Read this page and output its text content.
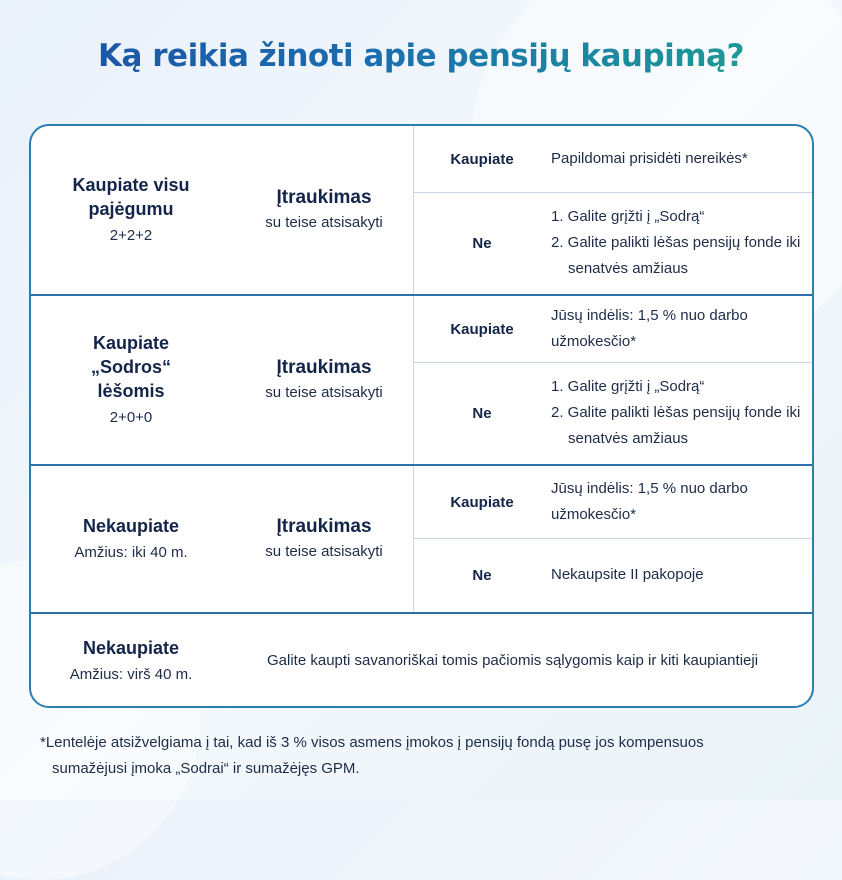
Ką reikia žinoti apie pensijų kaupimą?
Kaupiate visu pajėgumu
2+2+2
Įtraukimas
su teise atsisakyti
Kaupiate	Papildomai prisidėti nereikės*
Ne
1. Galite grįžti į „Sodrą“
2. Galite palikti lėšas pensijų fonde iki senatvės amžiaus
Kaupiate „Sodros“ lėšomis
2+0+0
Įtraukimas
su teise atsisakyti
Kaupiate
Jūsų indėlis: 1,5 % nuo darbo užmokesčio*
Ne
1. Galite grįžti į „Sodrą“
2. Galite palikti lėšas pensijų fonde iki senatvės amžiaus
Nekaupiate
Amžius: iki 40 m.
Įtraukimas
su teise atsisakyti
Kaupiate
Jūsų indėlis: 1,5 % nuo darbo užmokesčio*
Ne	Nekaupsite II pakopoje
Nekaupiate
Amžius: virš 40 m.
Galite kaupti savanoriškai tomis pačiomis sąlygomis kaip ir kiti kaupiantieji
*Lentelėje atsižvelgiama į tai, kad iš 3 % visos asmens įmokos į pensijų fondą pusę jos kompensuos
sumažėjusi įmoka „Sodrai“ ir sumažėjęs GPM.
